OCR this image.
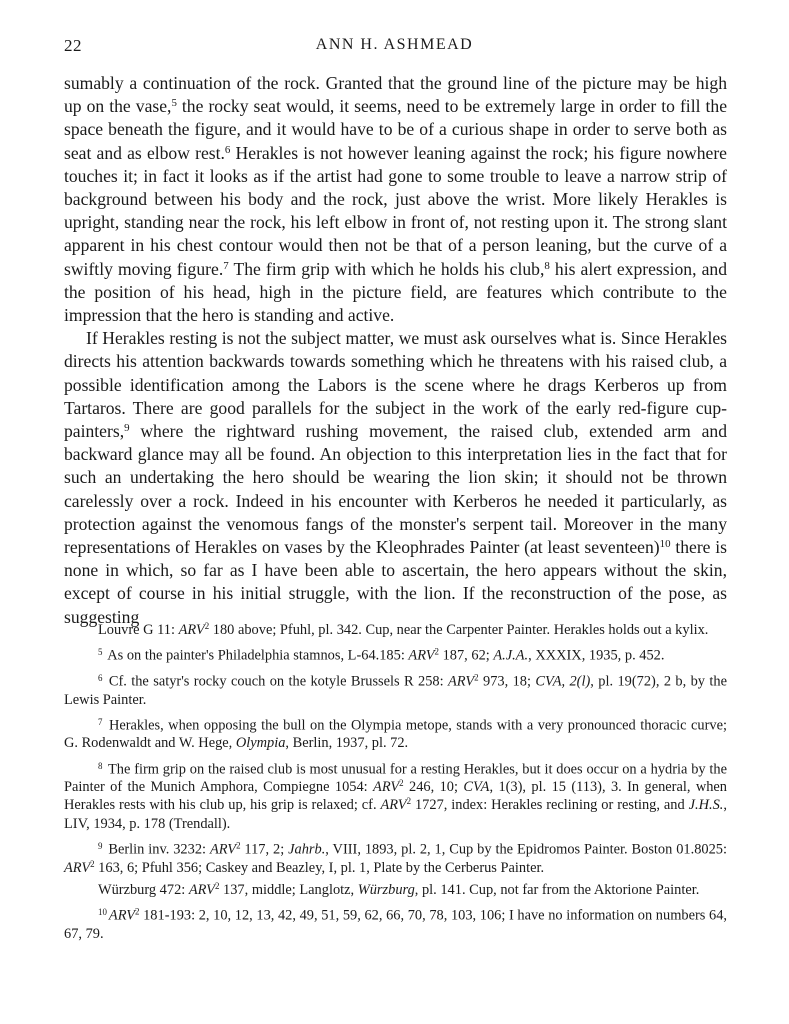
22	ANN H. ASHMEAD

sumably a continuation of the rock. Granted that the ground line of the picture may be high up on the vase,$^5$ the rocky seat would, it seems, need to be extremely large in order to fill the space beneath the figure, and it would have to be of a curious shape in order to serve both as seat and as elbow rest.$^6$ Herakles is not however leaning against the rock; his figure nowhere touches it; in fact it looks as if the artist had gone to some trouble to leave a narrow strip of background between his body and the rock, just above the wrist. More likely Herakles is upright, standing near the rock, his left elbow in front of, not resting upon it. The strong slant apparent in his chest contour would then not be that of a person leaning, but the curve of a swiftly moving figure.$^7$ The firm grip with which he holds his club,$^8$ his alert expression, and the position of his head, high in the picture field, are features which contribute to the impression that the hero is standing and active.

If Herakles resting is not the subject matter, we must ask ourselves what is. Since Herakles directs his attention backwards towards something which he threatens with his raised club, a possible identification among the Labors is the scene where he drags Kerberos up from Tartaros. There are good parallels for the subject in the work of the early red-figure cup-painters,$^9$ where the rightward rushing movement, the raised club, extended arm and backward glance may all be found. An objection to this interpretation lies in the fact that for such an undertaking the hero should be wearing the lion skin; it should not be thrown carelessly over a rock. Indeed in his encounter with Kerberos he needed it particularly, as protection against the venomous fangs of the monster's serpent tail. Moreover in the many representations of Herakles on vases by the Kleophrades Painter (at least seventeen)$^{10}$ there is none in which, so far as I have been able to ascertain, the hero appears without the skin, except of course in his initial struggle, with the lion. If the reconstruction of the pose, as suggesting

Louvre G 11: ARV$^2$ 180 above; Pfuhl, pl. 342. Cup, near the Carpenter Painter. Herakles holds out a kylix.

$^5$ As on the painter's Philadelphia stamnos, L-64.185: ARV$^2$ 187, 62; A.J.A., XXXIX, 1935, p. 452.

$^6$ Cf. the satyr's rocky couch on the kotyle Brussels R 258: ARV$^2$ 973, 18; CVA, 2(l), pl. 19(72), 2 b, by the Lewis Painter.

$^7$ Herakles, when opposing the bull on the Olympia metope, stands with a very pronounced thoracic curve; G. Rodenwaldt and W. Hege, Olympia, Berlin, 1937, pl. 72.

$^8$ The firm grip on the raised club is most unusual for a resting Herakles, but it does occur on a hydria by the Painter of the Munich Amphora, Compiegne 1054: ARV$^2$ 246, 10; CVA, 1(3), pl. 15 (113), 3. In general, when Herakles rests with his club up, his grip is relaxed; cf. ARV$^2$ 1727, index: Herakles reclining or resting, and J.H.S., LIV, 1934, p. 178 (Trendall).

$^9$ Berlin inv. 3232: ARV$^2$ 117, 2; Jahrb., VIII, 1893, pl. 2, 1, Cup by the Epidromos Painter. Boston 01.8025: ARV$^2$ 163, 6; Pfuhl 356; Caskey and Beazley, I, pl. 1, Plate by the Cerberus Painter.

Würzburg 472: ARV$^2$ 137, middle; Langlotz, Würzburg, pl. 141. Cup, not far from the Aktorione Painter.

$^{10}$ ARV$^2$ 181-193: 2, 10, 12, 13, 42, 49, 51, 59, 62, 66, 70, 78, 103, 106; I have no information on numbers 64, 67, 79.
